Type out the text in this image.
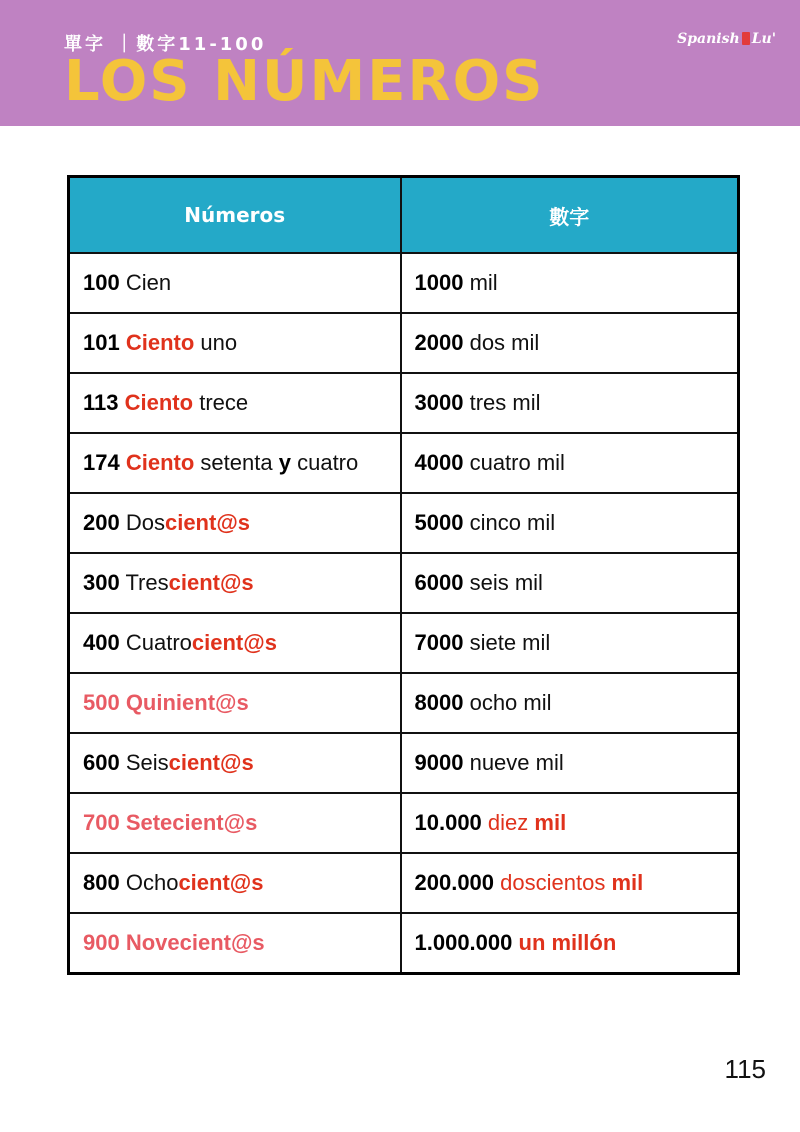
單字 ｜數字11-100
LOS NÚMEROS
Spanish Lu'
Números	數字
100 Cien	1000 mil
101 Ciento uno	2000 dos mil
113 Ciento trece	3000 tres mil
174 Ciento setenta y cuatro	4000 cuatro mil
200 Doscient@s	5000 cinco mil
300 Trescient@s	6000 seis mil
400 Cuatrocient@s	7000 siete mil
500 Quinient@s	8000 ocho mil
600 Seiscient@s	9000 nueve mil
700 Setecient@s	10.000 diez mil
800 Ochocient@s	200.000 doscientos mil
900 Novecient@s	1.000.000 un millón
115
